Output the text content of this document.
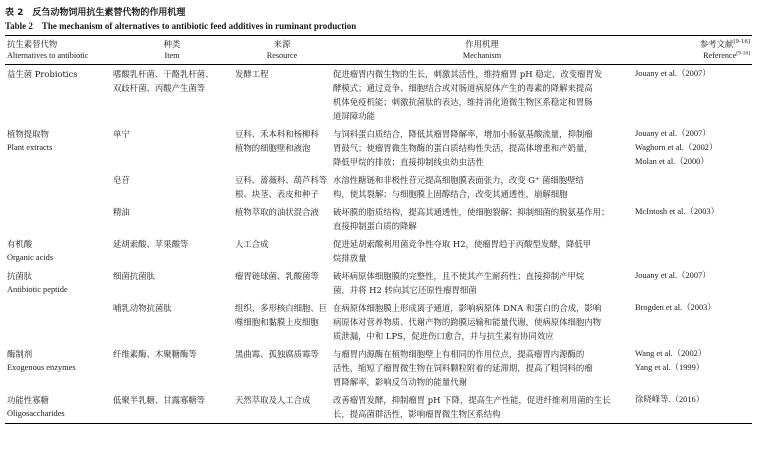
表 2　反刍动物饲用抗生素替代物的作用机理
Table 2　The mechanism of alternatives to antibiotic feed additives in ruminant production
抗生素替代物
Alternatives to antibiotic	种类
Item	来源
Resource	作用机理
Mechanism	参考文献[9-16]
Reference[9-16]

益生菌 Probiotics	嗜酸乳杆菌、干酪乳杆菌、
双歧杆菌、丙酸产生菌等	发酵工程	促进瘤胃内微生物的生长，刺激其活性，维持瘤胃 pH 稳定，改变瘤胃发
酵模式；通过竞争、细胞结合或对肠道病原体产生的毒素的降解来提高
机体免疫机能；刺激抗菌肽的表达，维持消化道微生物区系稳定和胃肠
道屏障功能	Jouany et al.（2007）

植物提取物
Plant extracts	单宁	豆科、禾本科和杨柳科
植物的细胞壁和液泡	与饲料蛋白质结合，降低其瘤胃降解率，增加小肠氨基酸流量，抑制瘤
胃鼓气；使瘤胃微生物酶的蛋白质结构性失活，提高体增重和产奶量，
降低甲烷的排放；直接抑制线虫幼虫活性	Jouany et al.（2007）
Waghorn et al.（2002）
Molan et al.（2000）

	皂苷	豆科、蔷薇科、葫芦科等
根、块茎、表皮和种子	水溶性糖链和非极性苷元提高细胞膜表面张力，改变 G⁺ 菌细胞壁结
构，使其裂解；与细胞膜上固醇结合，改变其通透性，崩解细胞	

	精油	植物萃取的油状混合液	破坏膜的脂质结构，提高其通透性，使细胞裂解；抑制细菌的脱氨基作用；
直接抑制蛋白质的降解	McIntosh et al.（2003）

有机酸
Organic acids	延胡索酸、苹果酸等	人工合成	促进延胡索酸利用菌竞争性夺取 H2，使瘤胃趋于丙酸型发酵，降低甲
烷排放量	

抗菌肽
Antibiotic peptide	细菌抗菌肽	瘤胃链球菌、乳酸菌等	破坏病原体细胞膜的完整性，且不使其产生耐药性；直接抑制产甲烷
菌，并将 H2 转向其它还原性瘤胃细菌	Jouany et al.（2007）

	哺乳动物抗菌肽	组织、多形核白细胞、巨
噬细胞和黏膜上皮细胞	在病原体细胞膜上形成离子通道，影响病原体 DNA 和蛋白的合成，影响
病原体对营养物质、代谢产物的跨膜运输和能量代谢，使病原体细胞内物
质泄漏，中和 LPS，促进伤口愈合，并与抗生素有协同效应	Brogden et al.（2003）

酶制剂
Exogenous enzymes	纤维素酶、木聚糖酶等	黑曲霉、孤独腐质霉等	与瘤胃内源酶在植物细胞壁上有相同的作用位点，提高瘤胃内源酶的
活性，缩短了瘤胃微生物在饲料颗粒附着的延滞期，提高了粗饲料的瘤
胃降解率，影响反刍动物的能量代谢	Wang et al.（2002）
Yang et al.（1999）

功能性寡糖
Oligosaccharides	低聚半乳糖、甘露寡糖等	天然萃取及人工合成	改善瘤胃发酵，抑制瘤胃 pH 下降，提高生产性能，促进纤维利用菌的生长
长，提高菌群活性，影响瘤胃微生物区系结构	徐晓峰等.（2016）
